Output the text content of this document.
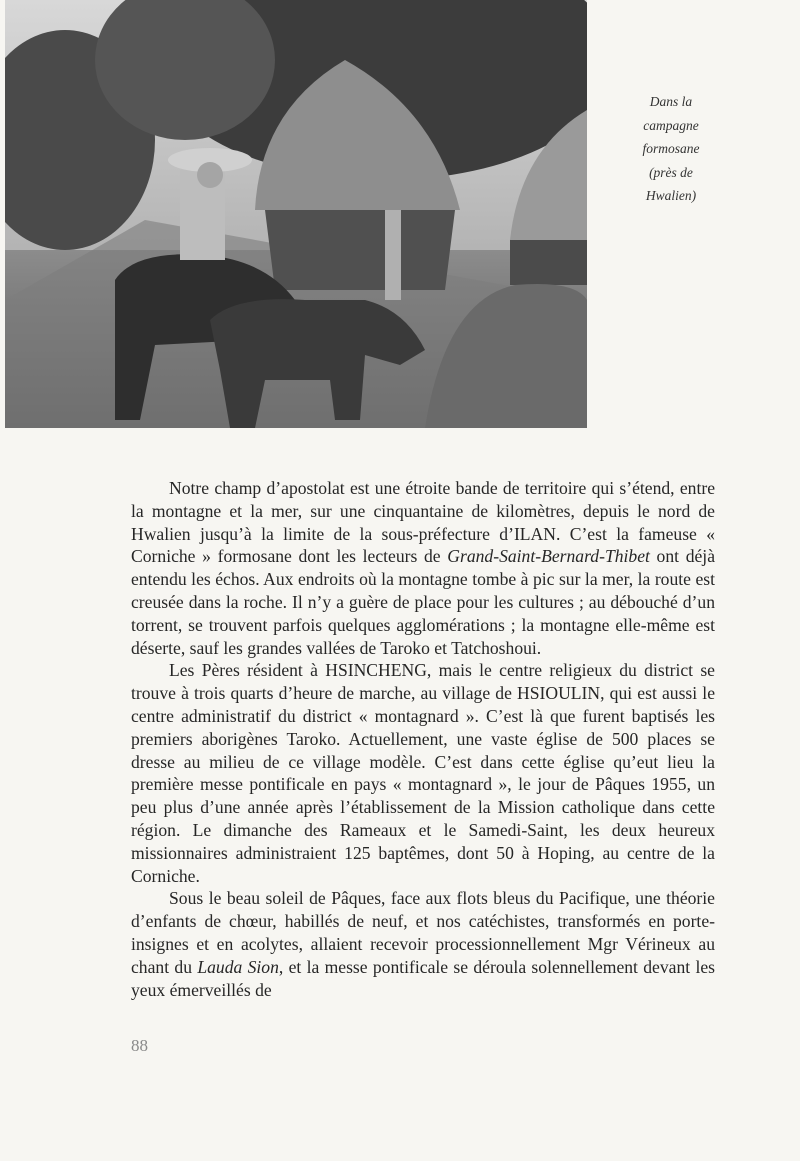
Dans la
campagne
formosane
(près de
Hwalien)

Notre champ d’apostolat est une étroite bande de territoire qui s’étend, entre la montagne et la mer, sur une cinquantaine de kilomètres, depuis le nord de Hwalien jusqu’à la limite de la sous-préfecture d’ILAN. C’est la fameuse « Corniche » formosane dont les lecteurs de Grand-Saint-Bernard-Thibet ont déjà entendu les échos. Aux endroits où la montagne tombe à pic sur la mer, la route est creusée dans la roche. Il n’y a guère de place pour les cultures ; au débouché d’un torrent, se trouvent parfois quelques agglomérations ; la montagne elle-même est déserte, sauf les grandes vallées de Taroko et Tatchoshoui.

Les Pères résident à HSINCHENG, mais le centre religieux du district se trouve à trois quarts d’heure de marche, au village de HSIOULIN, qui est aussi le centre administratif du district « montagnard ». C’est là que furent baptisés les premiers aborigènes Taroko. Actuellement, une vaste église de 500 places se dresse au milieu de ce village modèle. C’est dans cette église qu’eut lieu la première messe pontificale en pays « montagnard », le jour de Pâques 1955, un peu plus d’une année après l’établissement de la Mission catholique dans cette région. Le dimanche des Rameaux et le Samedi-Saint, les deux heureux missionnaires administraient 125 baptêmes, dont 50 à Hoping, au centre de la Corniche.

Sous le beau soleil de Pâques, face aux flots bleus du Pacifique, une théorie d’enfants de chœur, habillés de neuf, et nos catéchistes, transformés en porte-insignes et en acolytes, allaient recevoir processionnellement Mgr Vérineux au chant du Lauda Sion, et la messe pontificale se déroula solennellement devant les yeux émerveillés de

88
